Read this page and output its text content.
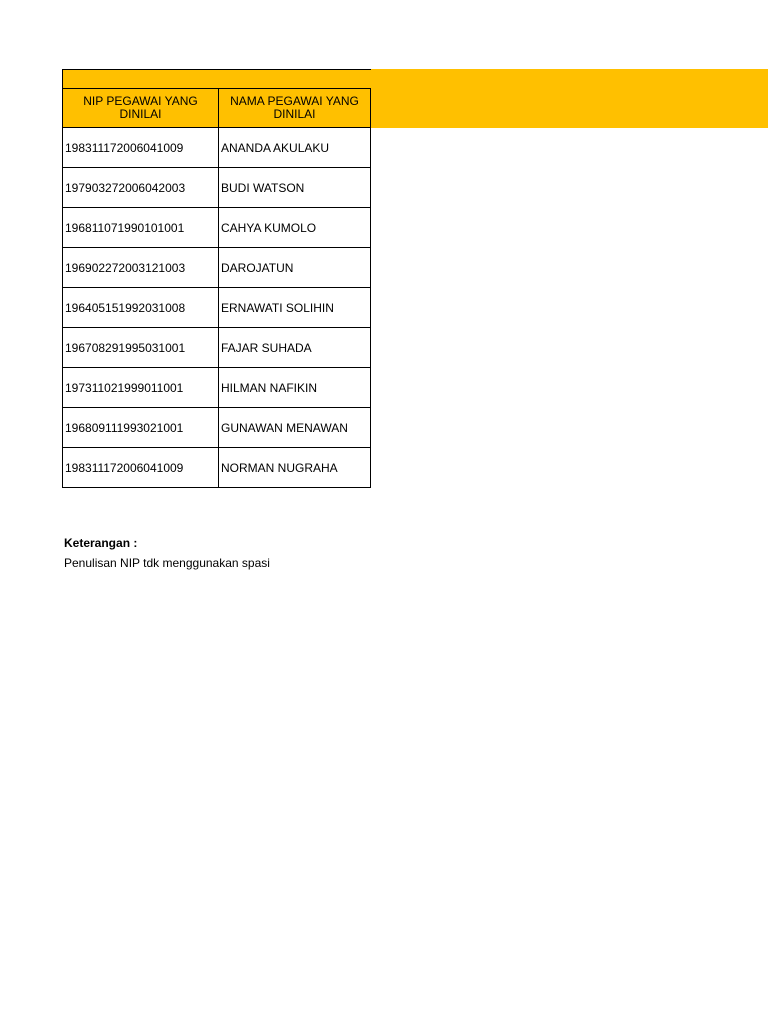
NIP PEGAWAI YANG DINILAI	NAMA PEGAWAI YANG DINILAI
198311172006041009	ANANDA AKULAKU
197903272006042003	BUDI WATSON
196811071990101001	CAHYA KUMOLO
196902272003121003	DAROJATUN
196405151992031008	ERNAWATI SOLIHIN
196708291995031001	FAJAR SUHADA
197311021999011001	HILMAN NAFIKIN
196809111993021001	GUNAWAN MENAWAN
198311172006041009	NORMAN NUGRAHA
Keterangan :
Penulisan NIP tdk menggunakan spasi
